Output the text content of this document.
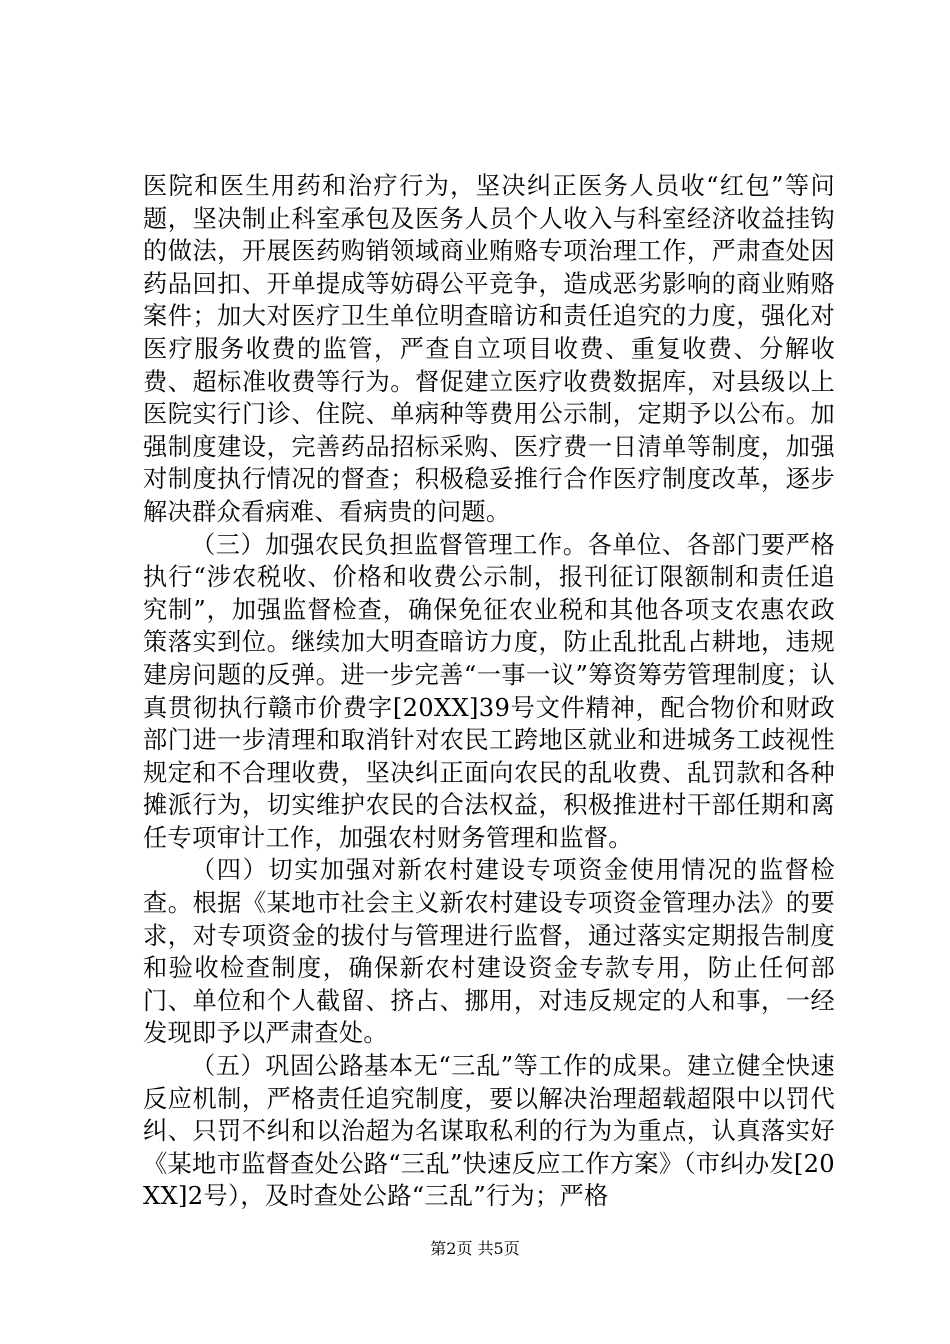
医院和医生用药和治疗行为，坚决纠正医务人员收“红包”等问题，坚决制止科室承包及医务人员个人收入与科室经济收益挂钩的做法，开展医药购销领域商业贿赂专项治理工作，严肃查处因药品回扣、开单提成等妨碍公平竞争，造成恶劣影响的商业贿赂案件；加大对医疗卫生单位明查暗访和责任追究的力度，强化对医疗服务收费的监管，严查自立项目收费、重复收费、分解收费、超标准收费等行为。督促建立医疗收费数据库，对县级以上医院实行门诊、住院、单病种等费用公示制，定期予以公布。加强制度建设，完善药品招标采购、医疗费一日清单等制度，加强对制度执行情况的督查；积极稳妥推行合作医疗制度改革，逐步解决群众看病难、看病贵的问题。

（三）加强农民负担监督管理工作。各单位、各部门要严格执行“涉农税收、价格和收费公示制，报刊征订限额制和责任追究制”，加强监督检查，确保免征农业税和其他各项支农惠农政策落实到位。继续加大明查暗访力度，防止乱批乱占耕地，违规建房问题的反弹。进一步完善“一事一议”筹资筹劳管理制度；认真贯彻执行赣市价费字[20XX]39号文件精神，配合物价和财政部门进一步清理和取消针对农民工跨地区就业和进城务工歧视性规定和不合理收费，坚决纠正面向农民的乱收费、乱罚款和各种摊派行为，切实维护农民的合法权益，积极推进村干部任期和离任专项审计工作，加强农村财务管理和监督。

（四）切实加强对新农村建设专项资金使用情况的监督检查。根据《某地市社会主义新农村建设专项资金管理办法》的要求，对专项资金的拔付与管理进行监督，通过落实定期报告制度和验收检查制度，确保新农村建设资金专款专用，防止任何部门、单位和个人截留、挤占、挪用，对违反规定的人和事，一经发现即予以严肃查处。

（五）巩固公路基本无“三乱”等工作的成果。建立健全快速反应机制，严格责任追究制度，要以解决治理超载超限中以罚代纠、只罚不纠和以治超为名谋取私利的行为为重点，认真落实好《某地市监督查处公路“三乱”快速反应工作方案》（市纠办发[20XX]2号），及时查处公路“三乱”行为；严格

第2页 共5页
